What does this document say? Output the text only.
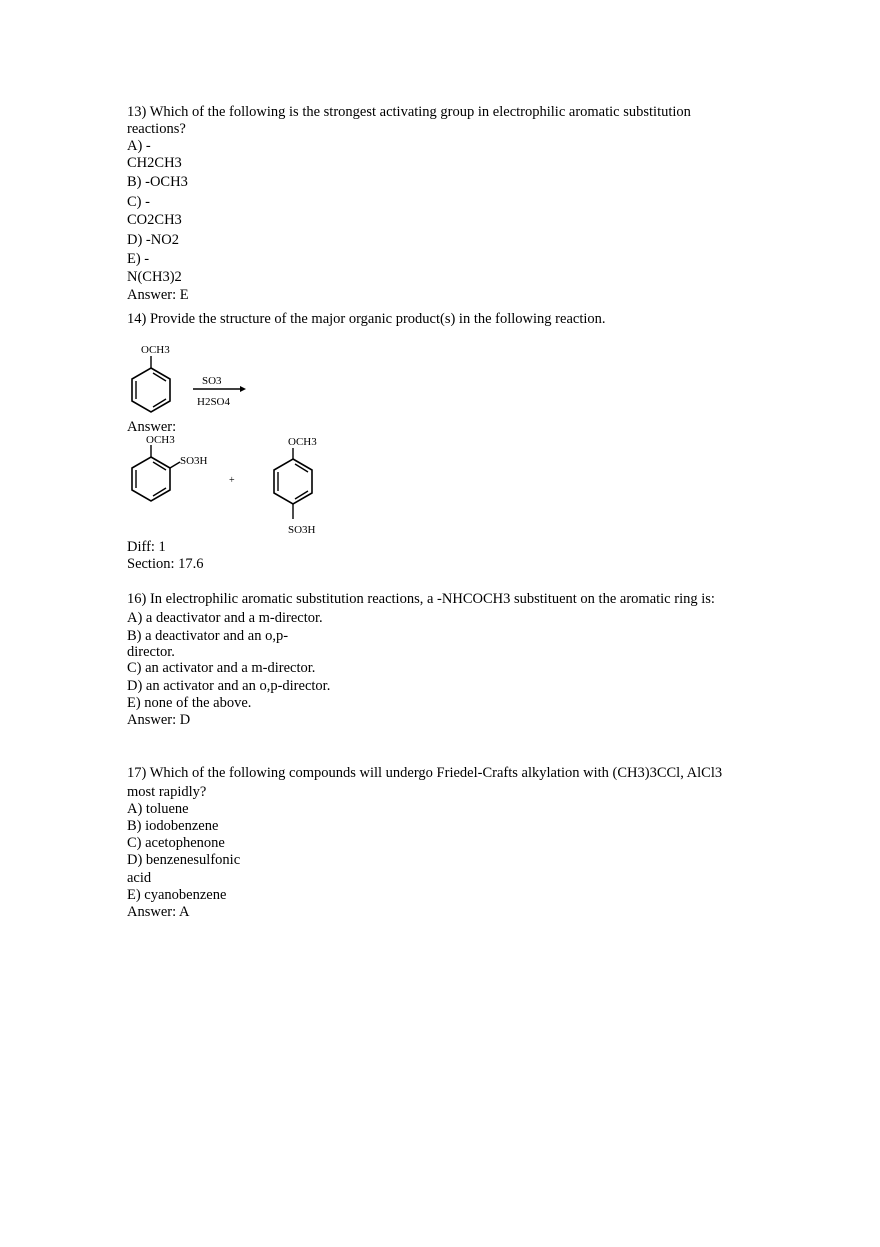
13) Which of the following is the strongest activating group in electrophilic aromatic substitution
reactions?
A) -
CH2CH3
B) -OCH3
C) -
CO2CH3
D) -NO2
E) -
N(CH3)2
Answer: E
14) Provide the structure of the major organic product(s) in the following reaction.
OCH3
SO3
H2SO4
Answer:
OCH3
SO3H
+
OCH3
SO3H
Diff: 1
Section: 17.6
16) In electrophilic aromatic substitution reactions, a -NHCOCH3 substituent on the aromatic ring is:
A) a deactivator and a m-director.
B) a deactivator and an o,p-
director.
C) an activator and a m-director.
D) an activator and an o,p-director.
E) none of the above.
Answer: D
17) Which of the following compounds will undergo Friedel-Crafts alkylation with (CH3)3CCl, AlCl3
most rapidly?
A) toluene
B) iodobenzene
C) acetophenone
D) benzenesulfonic
acid
E) cyanobenzene
Answer: A
